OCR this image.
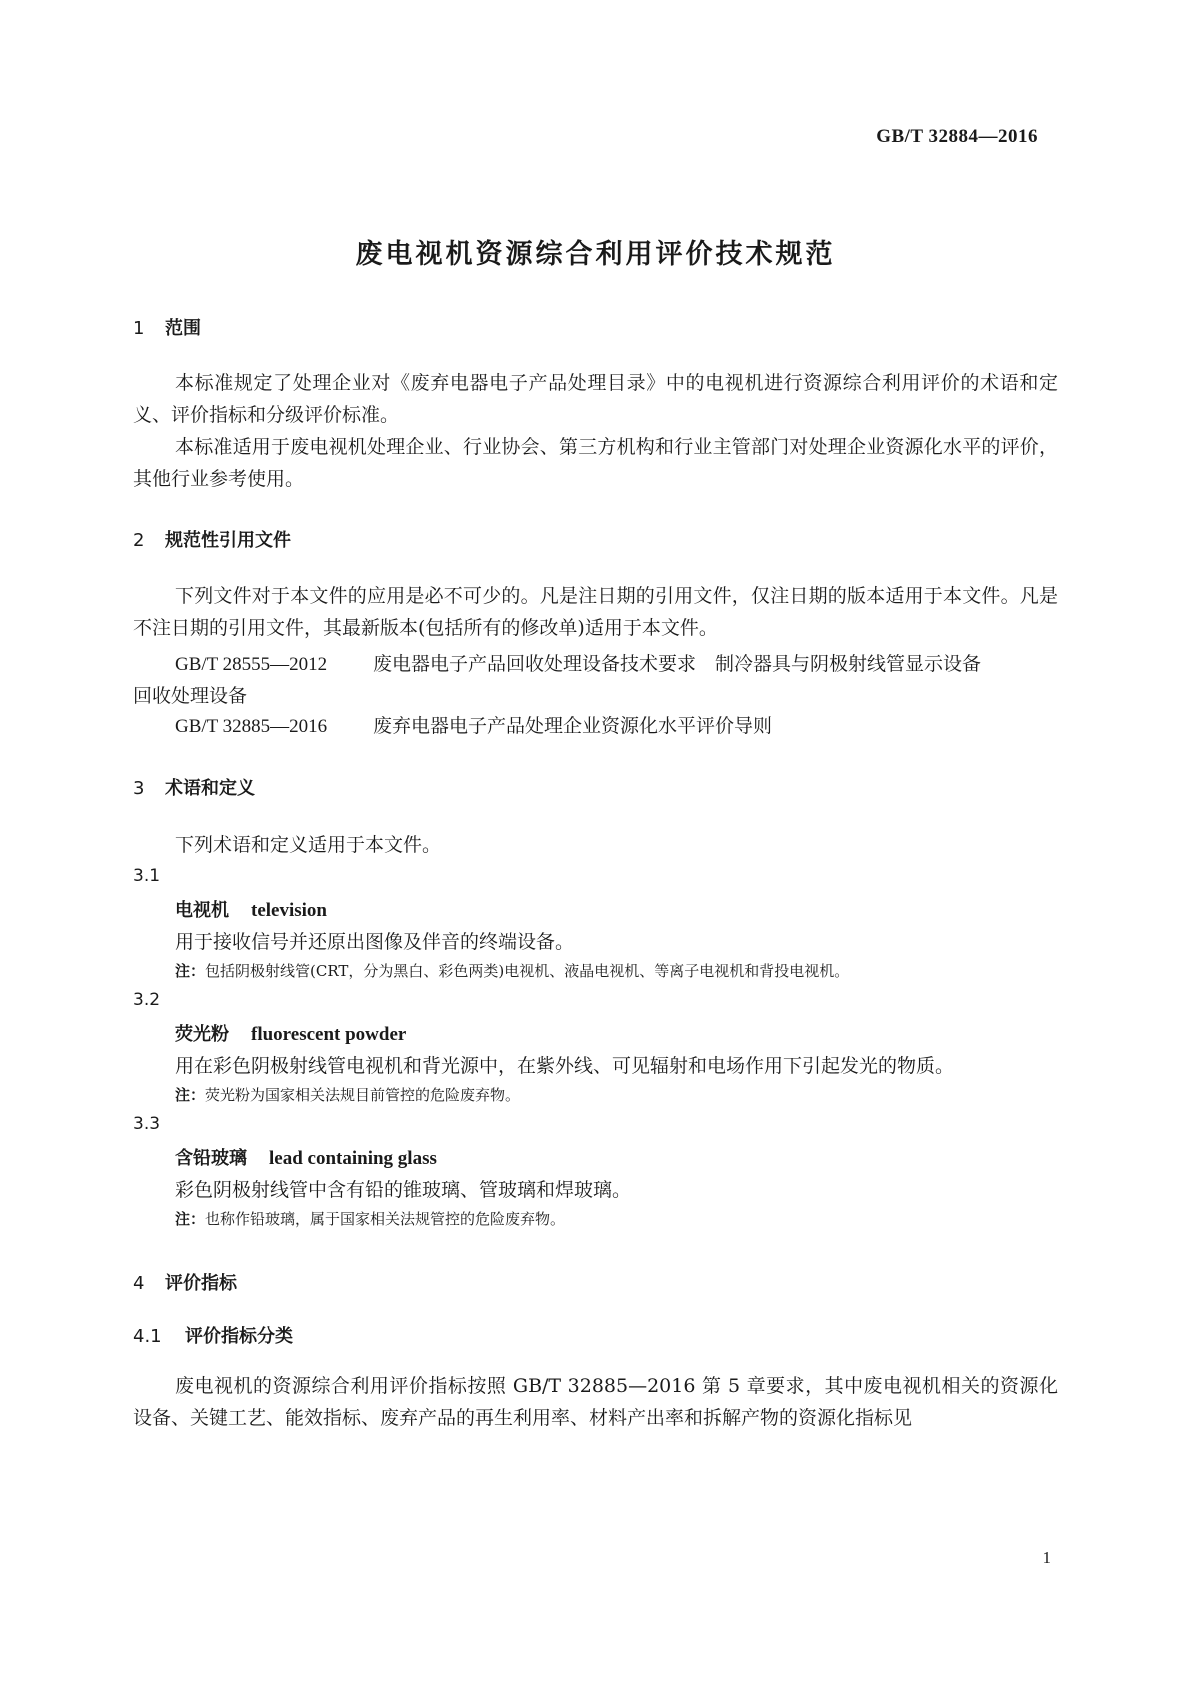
GB/T 32884—2016
废电视机资源综合利用评价技术规范
1 范围
本标准规定了处理企业对《废弃电器电子产品处理目录》中的电视机进行资源综合利用评价的术语和定义、评价指标和分级评价标准。
本标准适用于废电视机处理企业、行业协会、第三方机构和行业主管部门对处理企业资源化水平的评价，其他行业参考使用。
2 规范性引用文件
下列文件对于本文件的应用是必不可少的。凡是注日期的引用文件，仅注日期的版本适用于本文件。凡是不注日期的引用文件，其最新版本(包括所有的修改单)适用于本文件。
GB/T 28555—2012 废电器电子产品回收处理设备技术要求　制冷器具与阴极射线管显示设备
回收处理设备
GB/T 32885—2016 废弃电器电子产品处理企业资源化水平评价导则
3 术语和定义
下列术语和定义适用于本文件。
3.1
电视机 television
用于接收信号并还原出图像及伴音的终端设备。
注：包括阴极射线管(CRT，分为黑白、彩色两类)电视机、液晶电视机、等离子电视机和背投电视机。
3.2
荧光粉 fluorescent powder
用在彩色阴极射线管电视机和背光源中，在紫外线、可见辐射和电场作用下引起发光的物质。
注：荧光粉为国家相关法规目前管控的危险废弃物。
3.3
含铅玻璃 lead containing glass
彩色阴极射线管中含有铅的锥玻璃、管玻璃和焊玻璃。
注：也称作铅玻璃，属于国家相关法规管控的危险废弃物。
4 评价指标
4.1 评价指标分类
废电视机的资源综合利用评价指标按照 GB/T 32885—2016 第 5 章要求，其中废电视机相关的资源化设备、关键工艺、能效指标、废弃产品的再生利用率、材料产出率和拆解产物的资源化指标见
1
